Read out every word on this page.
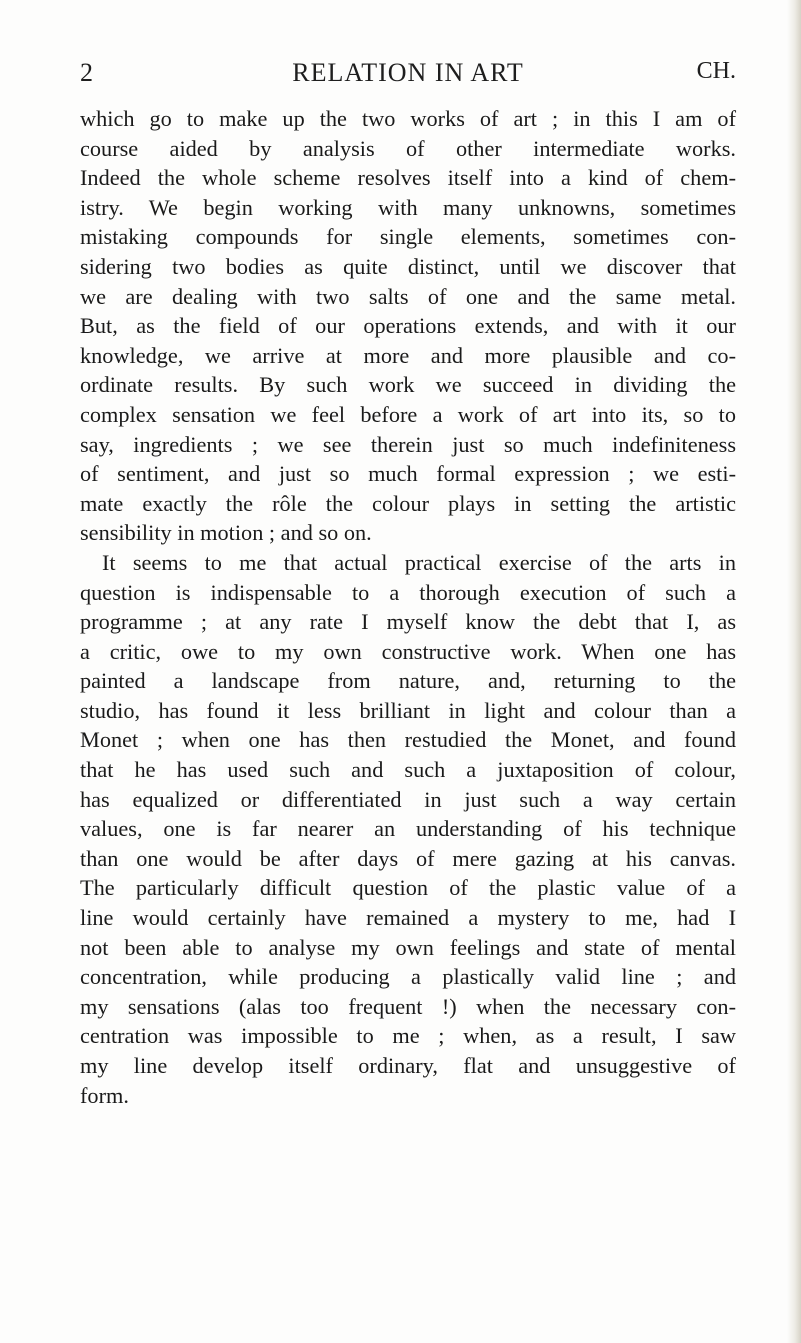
2	RELATION IN ART	CH.
which go to make up the two works of art ; in this I am of
course aided by analysis of other intermediate works.
Indeed the whole scheme resolves itself into a kind of chem-
istry. We begin working with many unknowns, sometimes
mistaking compounds for single elements, sometimes con-
sidering two bodies as quite distinct, until we discover that
we are dealing with two salts of one and the same metal.
But, as the field of our operations extends, and with it our
knowledge, we arrive at more and more plausible and co-
ordinate results. By such work we succeed in dividing the
complex sensation we feel before a work of art into its, so to
say, ingredients ; we see therein just so much indefiniteness
of sentiment, and just so much formal expression ; we esti-
mate exactly the rôle the colour plays in setting the artistic
sensibility in motion ; and so on.
It seems to me that actual practical exercise of the arts in
question is indispensable to a thorough execution of such a
programme ; at any rate I myself know the debt that I, as
a critic, owe to my own constructive work. When one has
painted a landscape from nature, and, returning to the
studio, has found it less brilliant in light and colour than a
Monet ; when one has then restudied the Monet, and found
that he has used such and such a juxtaposition of colour,
has equalized or differentiated in just such a way certain
values, one is far nearer an understanding of his technique
than one would be after days of mere gazing at his canvas.
The particularly difficult question of the plastic value of a
line would certainly have remained a mystery to me, had I
not been able to analyse my own feelings and state of mental
concentration, while producing a plastically valid line ; and
my sensations (alas too frequent !) when the necessary con-
centration was impossible to me ; when, as a result, I saw
my line develop itself ordinary, flat and unsuggestive of
form.
